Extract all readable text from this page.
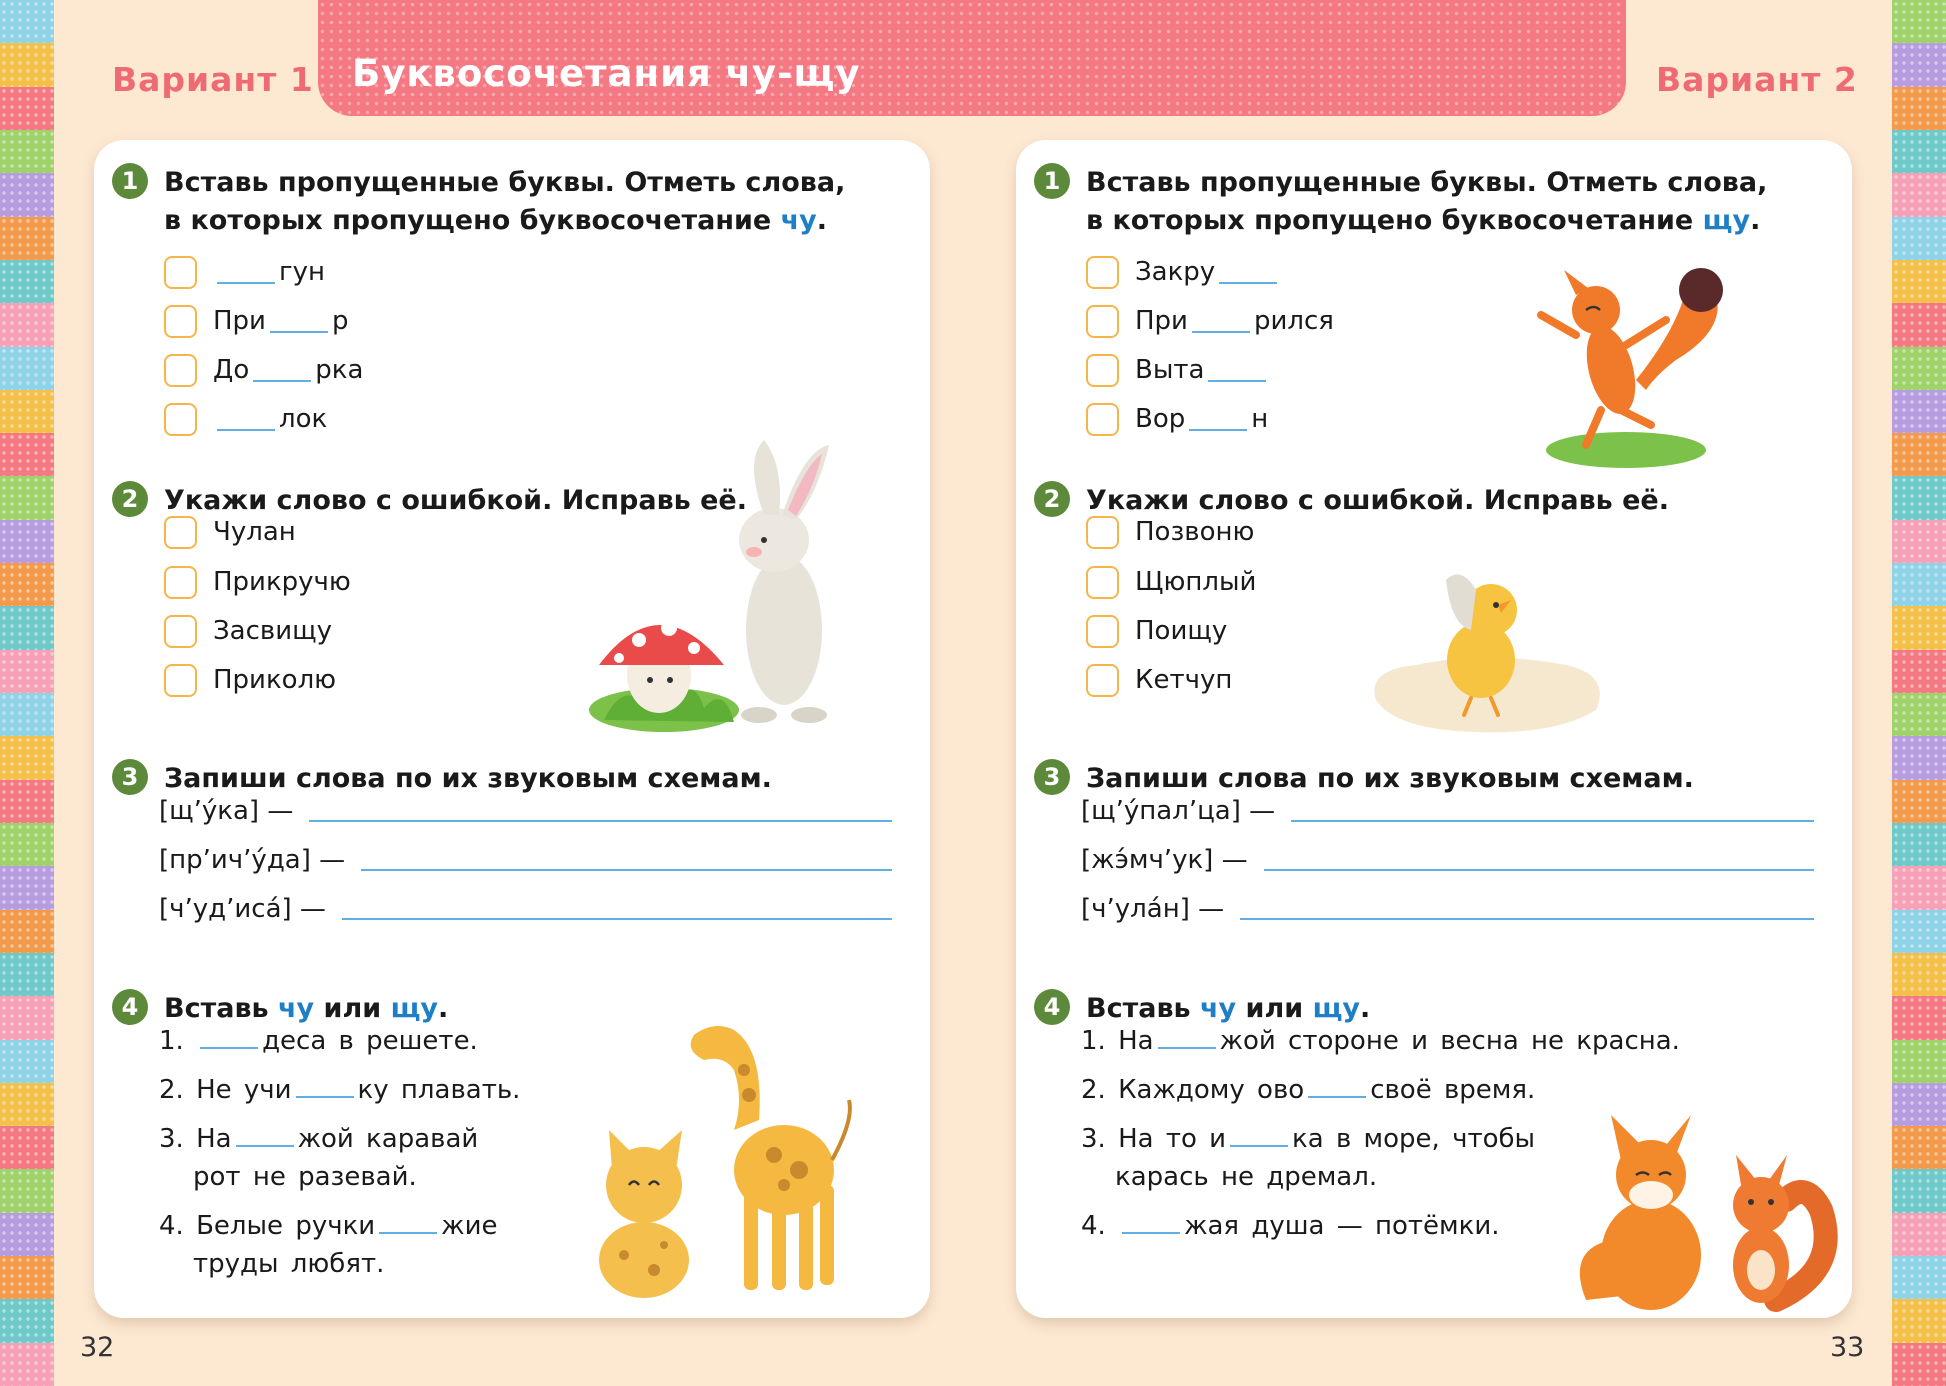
Буквосочетания чу-щу
Вариант 1	Вариант 2
1 Вставь пропущенные буквы. Отметь слова,
в которых пропущено буквосочетание чу.
гун
При	р
До	рка
лок
2 Укажи слово с ошибкой. Исправь её.
Чулан
Прикручю
Засвищу
Приколю
3 Запиши слова по их звуковым схемам.
[щ’у́ка] —
[пр’ич’у́да] —
[ч’уд’иса́] —
4 Вставь чу или щу.
1.	деса в решете.
2. Не учи	ку плавать.
3. На	жой каравай
рот не разевай.
4. Белые ручки	жие
труды любят.
1 Вставь пропущенные буквы. Отметь слова,
в которых пропущено буквосочетание щу.
Закру
При	рился
Выта
Вор	н
2 Укажи слово с ошибкой. Исправь её.
Позвоню
Щюплый
Поищу
Кетчуп
3 Запиши слова по их звуковым схемам.
[щ’у́пал’ца] —
[жэ́мч’ук] —
[ч’ула́н] —
4 Вставь чу или щу.
1. На	жой стороне и весна не красна.
2. Каждому ово	своё время.
3. На то и	ка в море, чтобы
карась не дремал.
4.	жая душа — потёмки.
32	33
